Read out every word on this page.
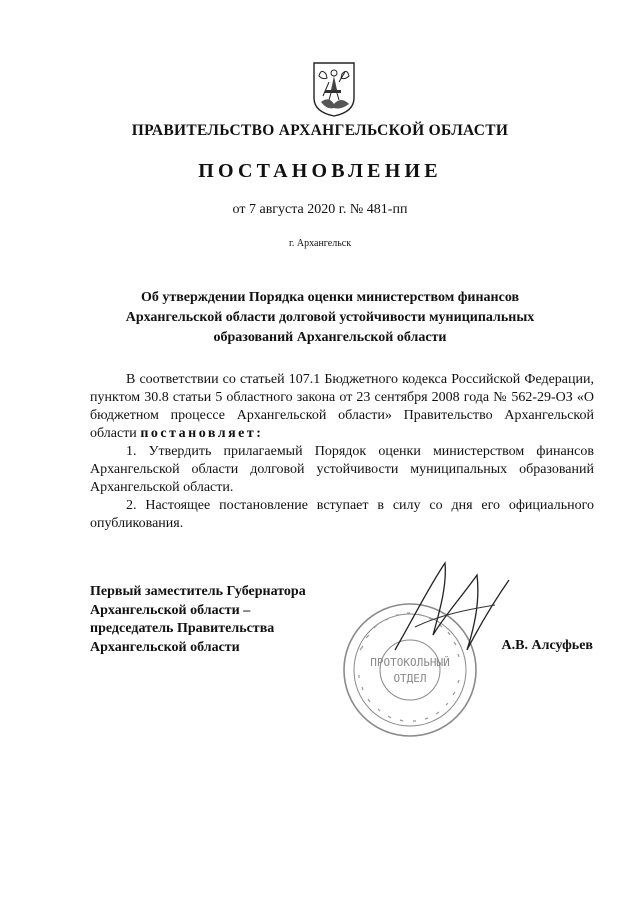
ПРАВИТЕЛЬСТВО АРХАНГЕЛЬСКОЙ ОБЛАСТИ
ПОСТАНОВЛЕНИЕ
от 7 августа 2020 г. № 481-пп
г. Архангельск
Об утверждении Порядка оценки министерством финансов
Архангельской области долговой устойчивости муниципальных
образований Архангельской области

В соответствии со статьей 107.1 Бюджетного кодекса Российской Федерации, пунктом 30.8 статьи 5 областного закона от 23 сентября 2008 года № 562-29-ОЗ «О бюджетном процессе Архангельской области» Правительство Архангельской области постановляет:

1. Утвердить прилагаемый Порядок оценки министерством финансов Архангельской области долговой устойчивости муниципальных образований Архангельской области.

2. Настоящее постановление вступает в силу со дня его официального опубликования.

Первый заместитель Губернатора
Архангельской области –
председатель Правительства
Архангельской области
ПРОТОКОЛЬНЫЙ
ОТДЕЛ
А.В. Алсуфьев
